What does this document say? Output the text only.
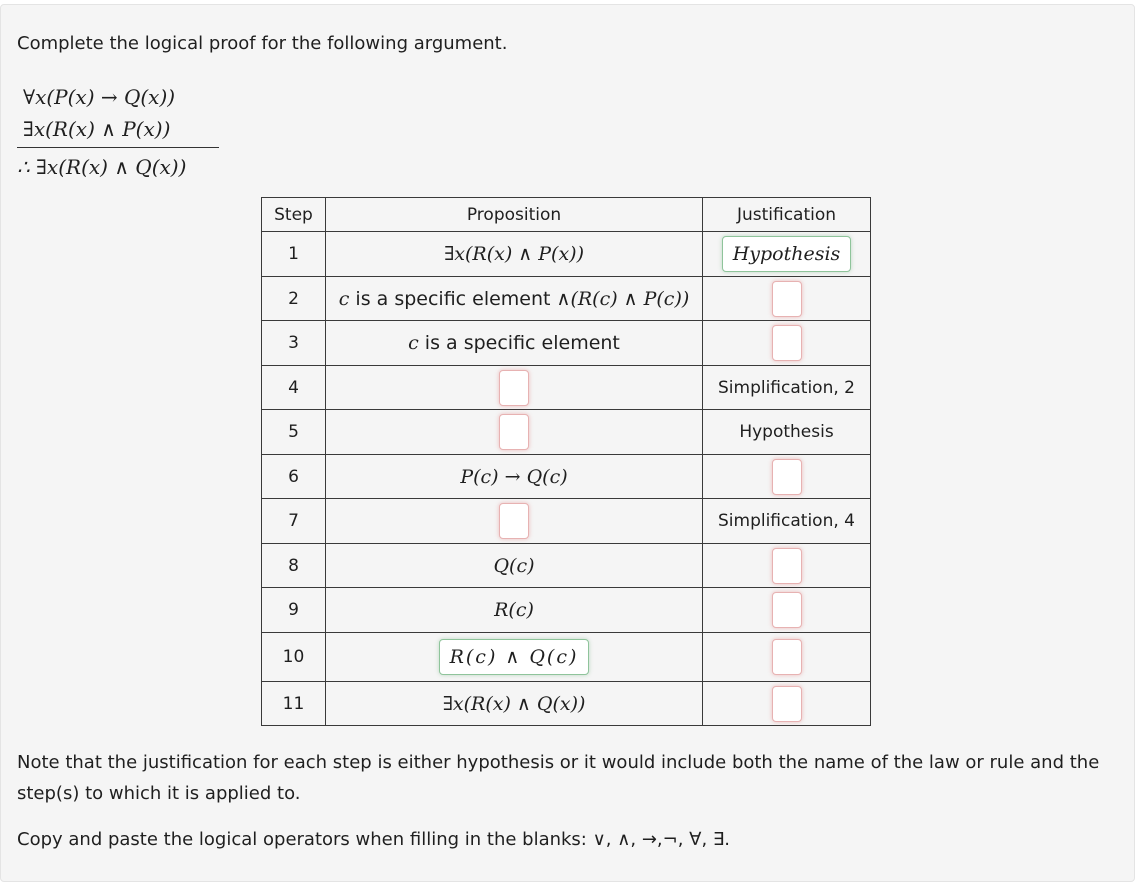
Complete the logical proof for the following argument.
∀x(P(x) → Q(x))
∃x(R(x) ∧ P(x))
∴ ∃x(R(x) ∧ Q(x))
Step	Proposition	Justification
1	∃x(R(x) ∧ P(x))	Hypothesis
2	c is a specific element ∧(R(c) ∧ P(c))	
3	c is a specific element	
4		Simplification, 2
5		Hypothesis
6	P(c) → Q(c)	
7		Simplification, 4
8	Q(c)	
9	R(c)	
10	R(c) ∧ Q(c)	
11	∃x(R(x) ∧ Q(x))	
Note that the justification for each step is either hypothesis or it would include both the name of the law or rule and the step(s) to which it is applied to.
Copy and paste the logical operators when filling in the blanks: ∨, ∧, →,¬, ∀, ∃.
